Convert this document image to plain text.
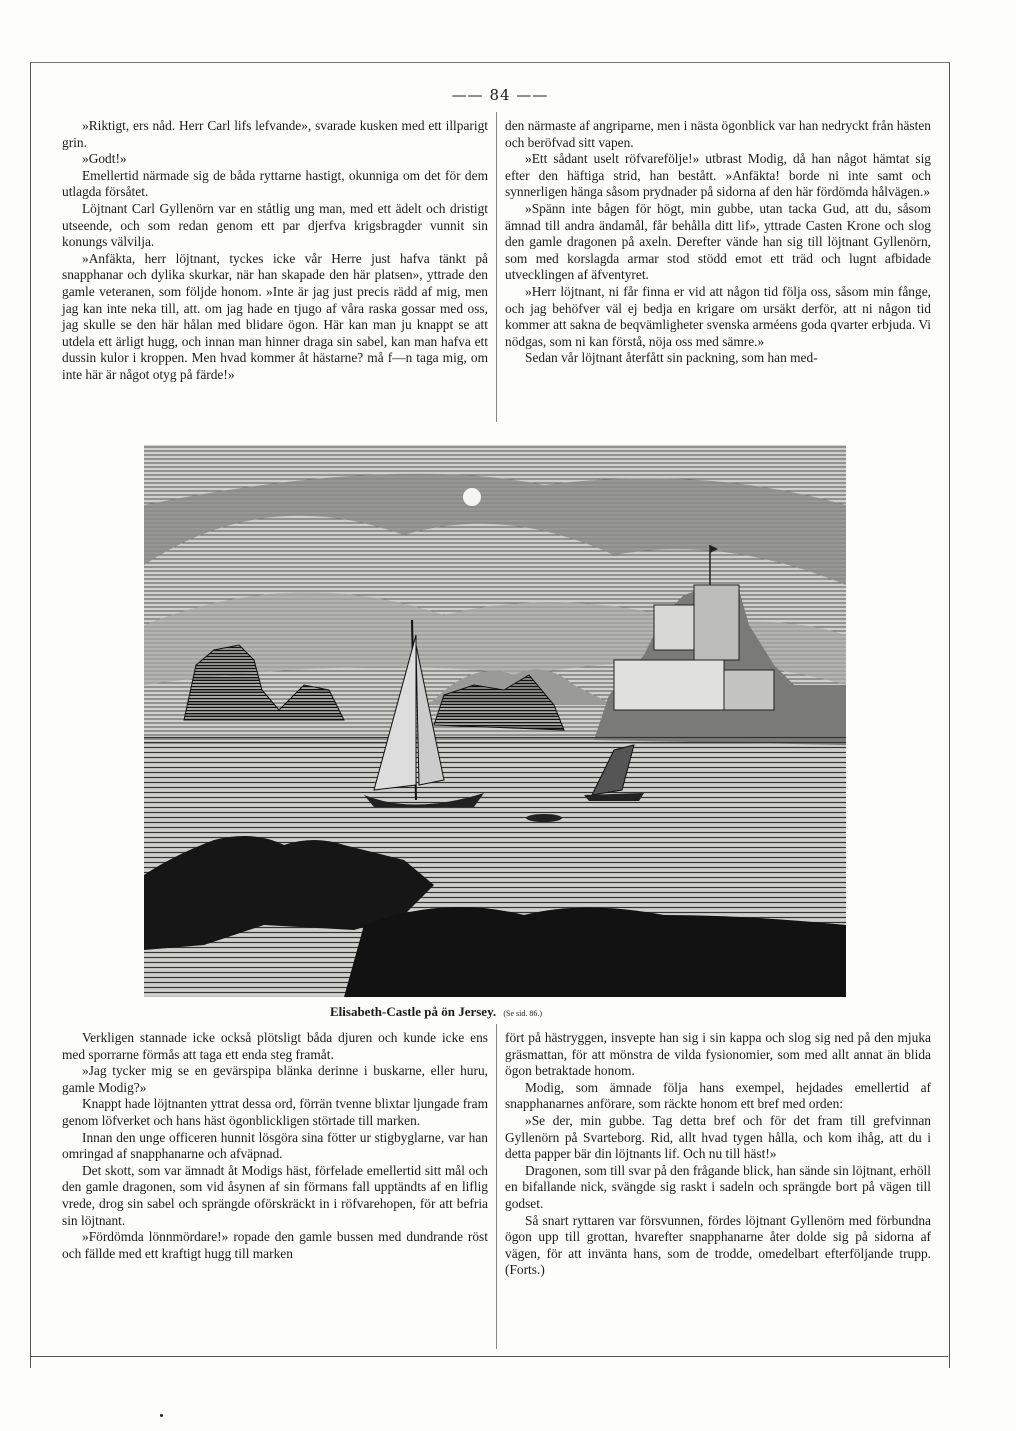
—— 84 ——

»Riktigt, ers nåd. Herr Carl lifs lefvande», svarade kusken med ett illparigt grin.

»Godt!»

Emellertid närmade sig de båda ryttarne hastigt, okunniga om det för dem utlagda försåtet.

Löjtnant Carl Gyllenörn var en ståtlig ung man, med ett ädelt och dristigt utseende, och som redan genom ett par djerfva krigsbragder vunnit sin konungs välvilja.

»Anfäkta, herr löjtnant, tyckes icke vår Herre just hafva tänkt på snapphanar och dylika skurkar, när han skapade den här platsen», yttrade den gamle veteranen, som följde honom. »Inte är jag just precis rädd af mig, men jag kan inte neka till, att. om jag hade en tjugo af våra raska gossar med oss, jag skulle se den här hålan med blidare ögon. Här kan man ju knappt se att utdela ett ärligt hugg, och innan man hinner draga sin sabel, kan man hafva ett dussin kulor i kroppen. Men hvad kommer åt hästarne? må f—n taga mig, om inte här är något otyg på färde!»

den närmaste af angriparne, men i nästa ögonblick var han nedryckt från hästen och beröfvad sitt vapen.

»Ett sådant uselt röfvarefölje!» utbrast Modig, då han något hämtat sig efter den häftiga strid, han bestått. »Anfäkta! borde ni inte samt och synnerligen hänga såsom prydnader på sidorna af den här fördömda hålvägen.»

»Spänn inte bågen för högt, min gubbe, utan tacka Gud, att du, såsom ämnad till andra ändamål, får behålla ditt lif», yttrade Casten Krone och slog den gamle dragonen på axeln. Derefter vände han sig till löjtnant Gyllenörn, som med korslagda armar stod stödd emot ett träd och lugnt afbidade utvecklingen af äfventyret.

»Herr löjtnant, ni får finna er vid att någon tid följa oss, såsom min fånge, och jag behöfver väl ej bedja en krigare om ursäkt derför, att ni någon tid kommer att sakna de beqvämligheter svenska arméens goda qvarter erbjuda. Vi nödgas, som ni kan förstå, nöja oss med sämre.»

Sedan vår löjtnant återfått sin packning, som han med-

Elisabeth-Castle på ön Jersey. (Se sid. 86.)

Verkligen stannade icke också plötsligt båda djuren och kunde icke ens med sporrarne förmås att taga ett enda steg framåt.

»Jag tycker mig se en gevärspipa blänka derinne i buskarne, eller huru, gamle Modig?»

Knappt hade löjtnanten yttrat dessa ord, förrän tvenne blixtar ljungade fram genom löfverket och hans häst ögonblickligen störtade till marken.

Innan den unge officeren hunnit lösgöra sina fötter ur stigbyglarne, var han omringad af snapphanarne och afväpnad.

Det skott, som var ämnadt åt Modigs häst, förfelade emellertid sitt mål och den gamle dragonen, som vid åsynen af sin förmans fall upptändts af en liflig vrede, drog sin sabel och sprängde oförskräckt in i röfvarehopen, för att befria sin löjtnant.

»Fördömda lönnmördare!» ropade den gamle bussen med dundrande röst och fällde med ett kraftigt hugg till marken

fört på hästryggen, insvepte han sig i sin kappa och slog sig ned på den mjuka gräsmattan, för att mönstra de vilda fysionomier, som med allt annat än blida ögon betraktade honom.

Modig, som ämnade följa hans exempel, hejdades emellertid af snapphanarnes anförare, som räckte honom ett bref med orden:

»Se der, min gubbe. Tag detta bref och för det fram till grefvinnan Gyllenörn på Svarteborg. Rid, allt hvad tygen hålla, och kom ihåg, att du i detta papper bär din löjtnants lif. Och nu till häst!»

Dragonen, som till svar på den frågande blick, han sände sin löjtnant, erhöll en bifallande nick, svängde sig raskt i sadeln och sprängde bort på vägen till godset.

Så snart ryttaren var försvunnen, fördes löjtnant Gyllenörn med förbundna ögon upp till grottan, hvarefter snapphanarne åter dolde sig på sidorna af vägen, för att invänta hans, som de trodde, omedelbart efterföljande trupp. (Forts.)
